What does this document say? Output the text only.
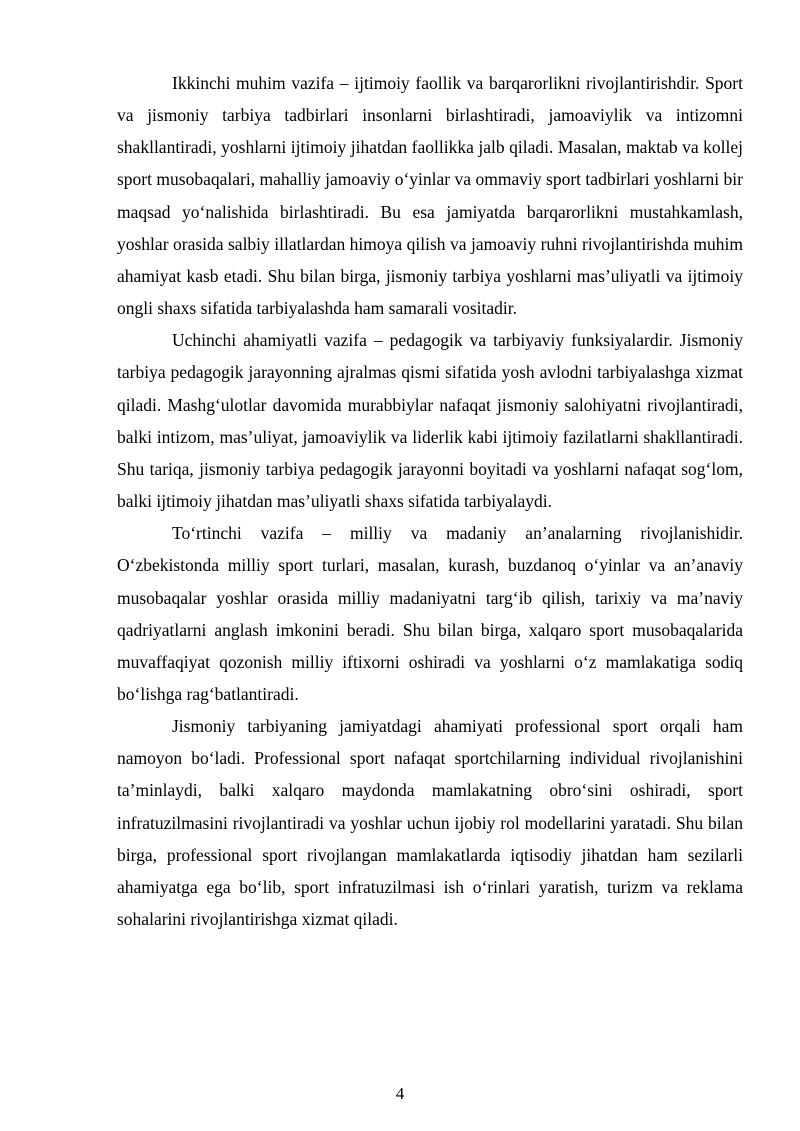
Ikkinchi muhim vazifa – ijtimoiy faollik va barqarorlikni rivojlantirishdir. Sport va jismoniy tarbiya tadbirlari insonlarni birlashtiradi, jamoaviylik va intizomni shakllantiradi, yoshlarni ijtimoiy jihatdan faollikka jalb qiladi. Masalan, maktab va kollej sport musobaqalari, mahalliy jamoaviy o‘yinlar va ommaviy sport tadbirlari yoshlarni bir maqsad yo‘nalishida birlashtiradi. Bu esa jamiyatda barqarorlikni mustahkamlash, yoshlar orasida salbiy illatlardan himoya qilish va jamoaviy ruhni rivojlantirishda muhim ahamiyat kasb etadi. Shu bilan birga, jismoniy tarbiya yoshlarni mas’uliyatli va ijtimoiy ongli shaxs sifatida tarbiyalashda ham samarali vositadir.

Uchinchi ahamiyatli vazifa – pedagogik va tarbiyaviy funksiyalardir. Jismoniy tarbiya pedagogik jarayonning ajralmas qismi sifatida yosh avlodni tarbiyalashga xizmat qiladi. Mashg‘ulotlar davomida murabbiylar nafaqat jismoniy salohiyatni rivojlantiradi, balki intizom, mas’uliyat, jamoaviylik va liderlik kabi ijtimoiy fazilatlarni shakllantiradi. Shu tariqa, jismoniy tarbiya pedagogik jarayonni boyitadi va yoshlarni nafaqat sog‘lom, balki ijtimoiy jihatdan mas’uliyatli shaxs sifatida tarbiyalaydi.

To‘rtinchi vazifa – milliy va madaniy an’analarning rivojlanishidir. O‘zbekistonda milliy sport turlari, masalan, kurash, buzdanoq o‘yinlar va an’anaviy musobaqalar yoshlar orasida milliy madaniyatni targ‘ib qilish, tarixiy va ma’naviy qadriyatlarni anglash imkonini beradi. Shu bilan birga, xalqaro sport musobaqalarida muvaffaqiyat qozonish milliy iftixorni oshiradi va yoshlarni o‘z mamlakatiga sodiq bo‘lishga rag‘batlantiradi.

Jismoniy tarbiyaning jamiyatdagi ahamiyati professional sport orqali ham namoyon bo‘ladi. Professional sport nafaqat sportchilarning individual rivojlanishini ta’minlaydi, balki xalqaro maydonda mamlakatning obro‘sini oshiradi, sport infratuzilmasini rivojlantiradi va yoshlar uchun ijobiy rol modellarini yaratadi. Shu bilan birga, professional sport rivojlangan mamlakatlarda iqtisodiy jihatdan ham sezilarli ahamiyatga ega bo‘lib, sport infratuzilmasi ish o‘rinlari yaratish, turizm va reklama sohalarini rivojlantirishga xizmat qiladi.

4
